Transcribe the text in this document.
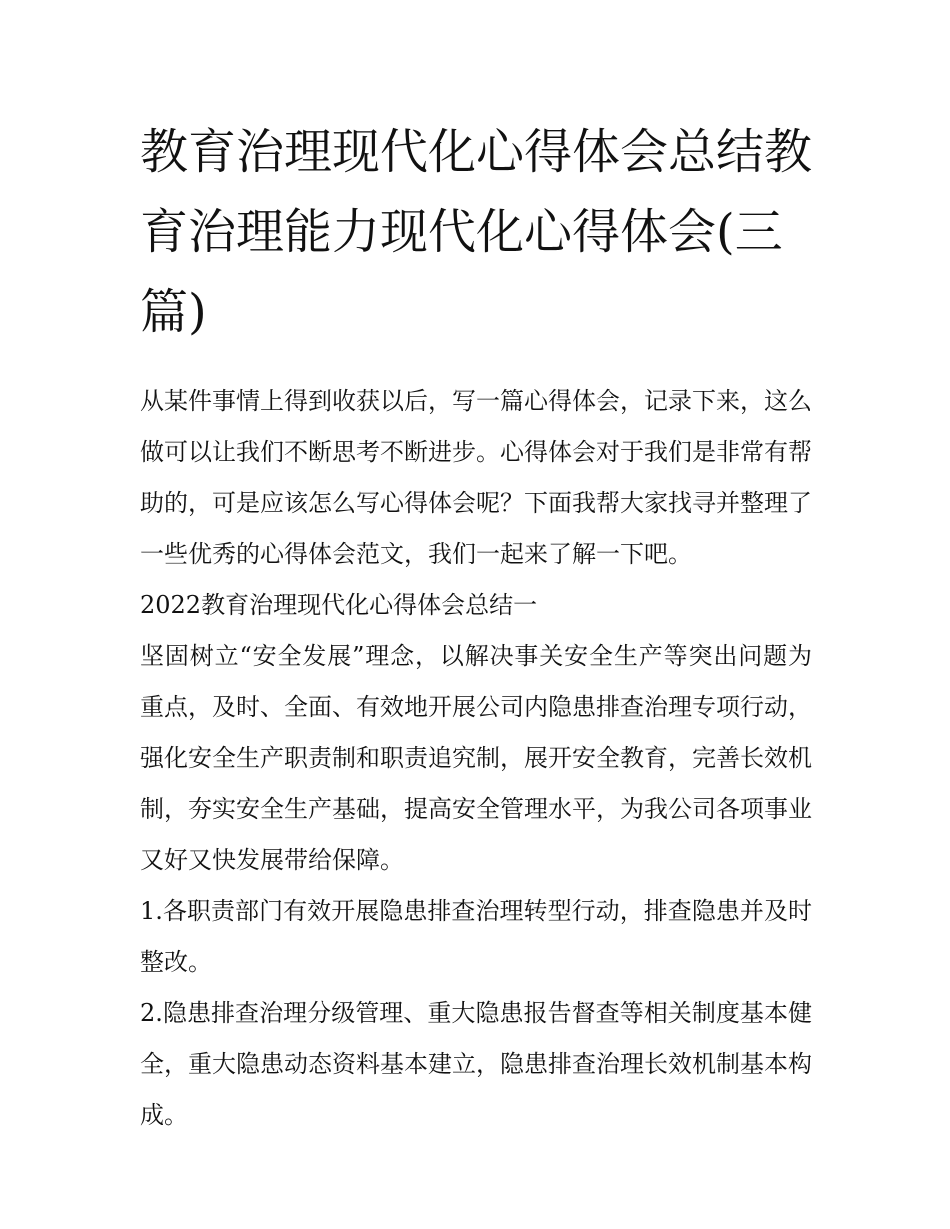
教育治理现代化心得体会总结教育治理能力现代化心得体会(三篇)

从某件事情上得到收获以后，写一篇心得体会，记录下来，这么做可以让我们不断思考不断进步。心得体会对于我们是非常有帮助的，可是应该怎么写心得体会呢？下面我帮大家找寻并整理了一些优秀的心得体会范文，我们一起来了解一下吧。

2022教育治理现代化心得体会总结一

坚固树立“安全发展”理念，以解决事关安全生产等突出问题为重点，及时、全面、有效地开展公司内隐患排查治理专项行动，强化安全生产职责制和职责追究制，展开安全教育，完善长效机制，夯实安全生产基础，提高安全管理水平，为我公司各项事业又好又快发展带给保障。

1.各职责部门有效开展隐患排查治理转型行动，排查隐患并及时整改。

2.隐患排查治理分级管理、重大隐患报告督查等相关制度基本健全，重大隐患动态资料基本建立，隐患排查治理长效机制基本构成。
